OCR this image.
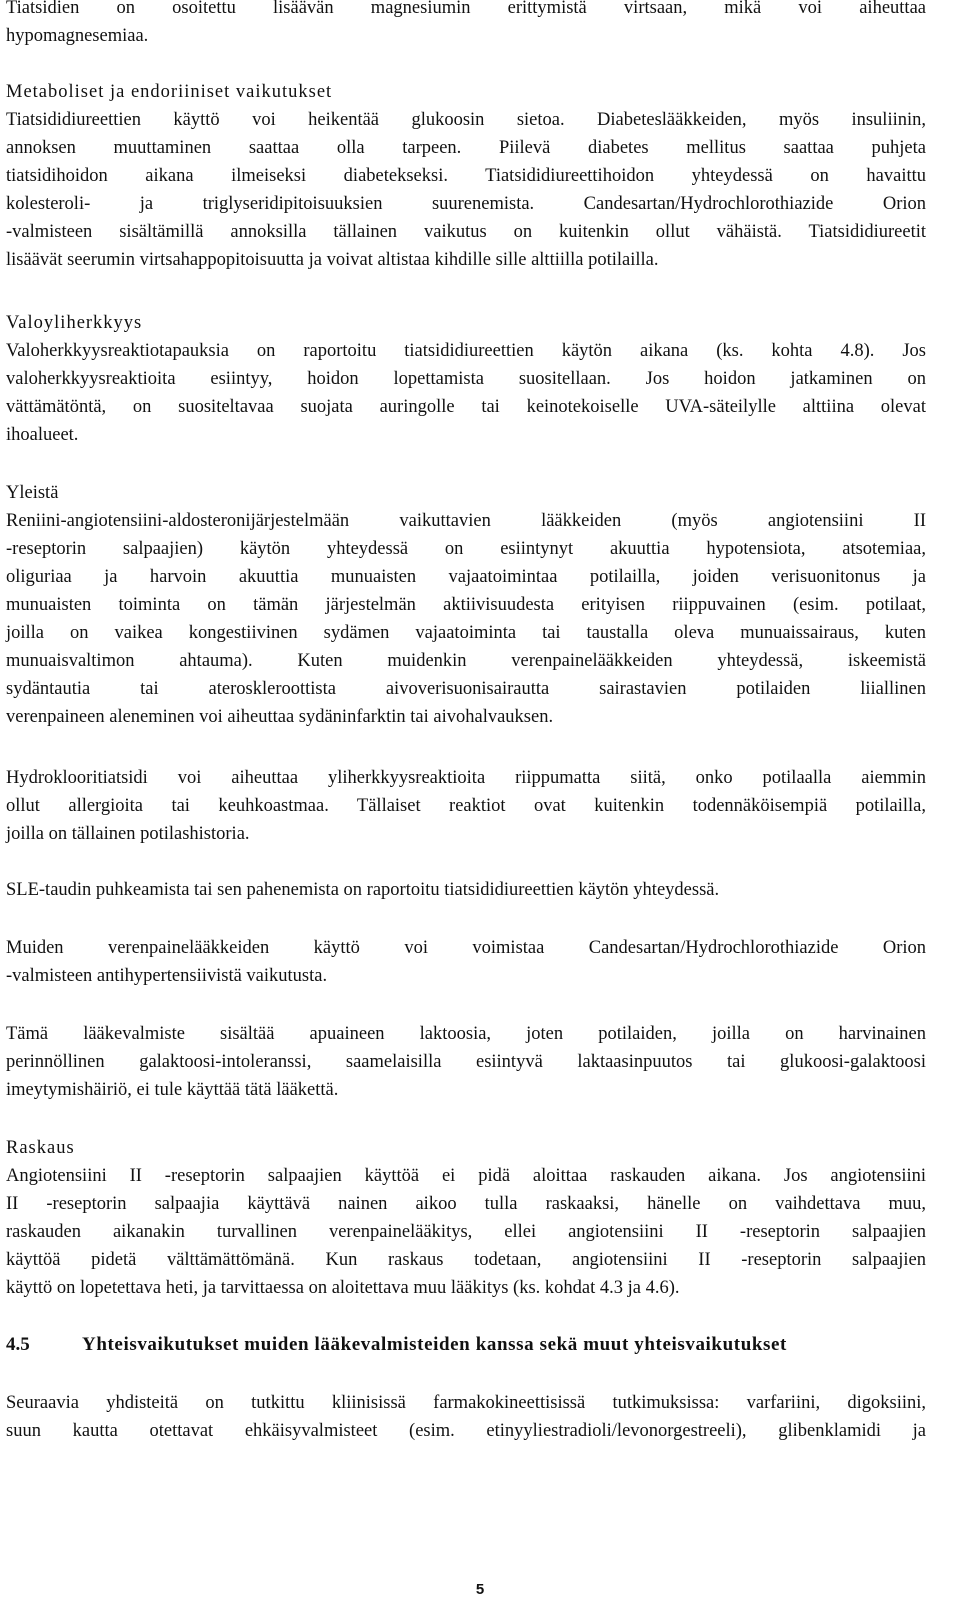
Tiatsidien on osoitettu lisäävän magnesiumin erittymistä virtsaan, mikä voi aiheuttaa

hypomagnesemiaa.

Metaboliset ja endoriiniset vaikutukset

Tiatsididiureettien käyttö voi heikentää glukoosin sietoa. Diabeteslääkkeiden, myös insuliinin,

annoksen muuttaminen saattaa olla tarpeen. Piilevä diabetes mellitus saattaa puhjeta

tiatsidihoidon aikana ilmeiseksi diabetekseksi. Tiatsididiureettihoidon yhteydessä on havaittu

kolesteroli- ja triglyseridipitoisuuksien suurenemista. Candesartan/Hydrochlorothiazide Orion

-valmisteen sisältämillä annoksilla tällainen vaikutus on kuitenkin ollut vähäistä. Tiatsididiureetit

lisäävät seerumin virtsahappopitoisuutta ja voivat altistaa kihdille sille alttiilla potilailla.

Valoyliherkkyys

Valoherkkyysreaktiotapauksia on raportoitu tiatsididiureettien käytön aikana (ks. kohta 4.8). Jos

valoherkkyysreaktioita esiintyy, hoidon lopettamista suositellaan. Jos hoidon jatkaminen on

vättämätöntä, on suositeltavaa suojata auringolle tai keinotekoiselle UVA-säteilylle alttiina olevat

ihoalueet.

Yleistä

Reniini-angiotensiini-aldosteronijärjestelmään vaikuttavien lääkkeiden (myös angiotensiini II

-reseptorin salpaajien) käytön yhteydessä on esiintynyt akuuttia hypotensiota, atsotemiaa,

oliguriaa ja harvoin akuuttia munuaisten vajaatoimintaa potilailla, joiden verisuonitonus ja

munuaisten toiminta on tämän järjestelmän aktiivisuudesta erityisen riippuvainen (esim. potilaat,

joilla on vaikea kongestiivinen sydämen vajaatoiminta tai taustalla oleva munuaissairaus, kuten

munuaisvaltimon ahtauma). Kuten muidenkin verenpainelääkkeiden yhteydessä, iskeemistä

sydäntautia tai ateroskleroottista aivoverisuonisairautta sairastavien potilaiden liiallinen

verenpaineen aleneminen voi aiheuttaa sydäninfarktin tai aivohalvauksen.

Hydroklooritiatsidi voi aiheuttaa yliherkkyysreaktioita riippumatta siitä, onko potilaalla aiemmin

ollut allergioita tai keuhkoastmaa. Tällaiset reaktiot ovat kuitenkin todennäköisempiä potilailla,

joilla on tällainen potilashistoria.

SLE-taudin puhkeamista tai sen pahenemista on raportoitu tiatsididiureettien käytön yhteydessä.

Muiden verenpainelääkkeiden käyttö voi voimistaa Candesartan/Hydrochlorothiazide Orion

-valmisteen antihypertensiivistä vaikutusta.

Tämä lääkevalmiste sisältää apuaineen laktoosia, joten potilaiden, joilla on harvinainen

perinnöllinen galaktoosi-intoleranssi, saamelaisilla esiintyvä laktaasinpuutos tai glukoosi-galaktoosi

imeytymishäiriö, ei tule käyttää tätä lääkettä.

Raskaus

Angiotensiini II -reseptorin salpaajien käyttöä ei pidä aloittaa raskauden aikana. Jos angiotensiini

II -reseptorin salpaajia käyttävä nainen aikoo tulla raskaaksi, hänelle on vaihdettava muu,

raskauden aikanakin turvallinen verenpainelääkitys, ellei angiotensiini II -reseptorin salpaajien

käyttöä pidetä välttämättömänä. Kun raskaus todetaan, angiotensiini II -reseptorin salpaajien

käyttö on lopetettava heti, ja tarvittaessa on aloitettava muu lääkitys (ks. kohdat 4.3 ja 4.6).

4.5	Yhteisvaikutukset muiden lääkevalmisteiden kanssa sekä muut yhteisvaikutukset

Seuraavia yhdisteitä on tutkittu kliinisissä farmakokineettisissä tutkimuksissa: varfariini, digoksiini,

suun kautta otettavat ehkäisyvalmisteet (esim. etinyyliestradioli/levonorgestreeli), glibenklamidi ja

5
